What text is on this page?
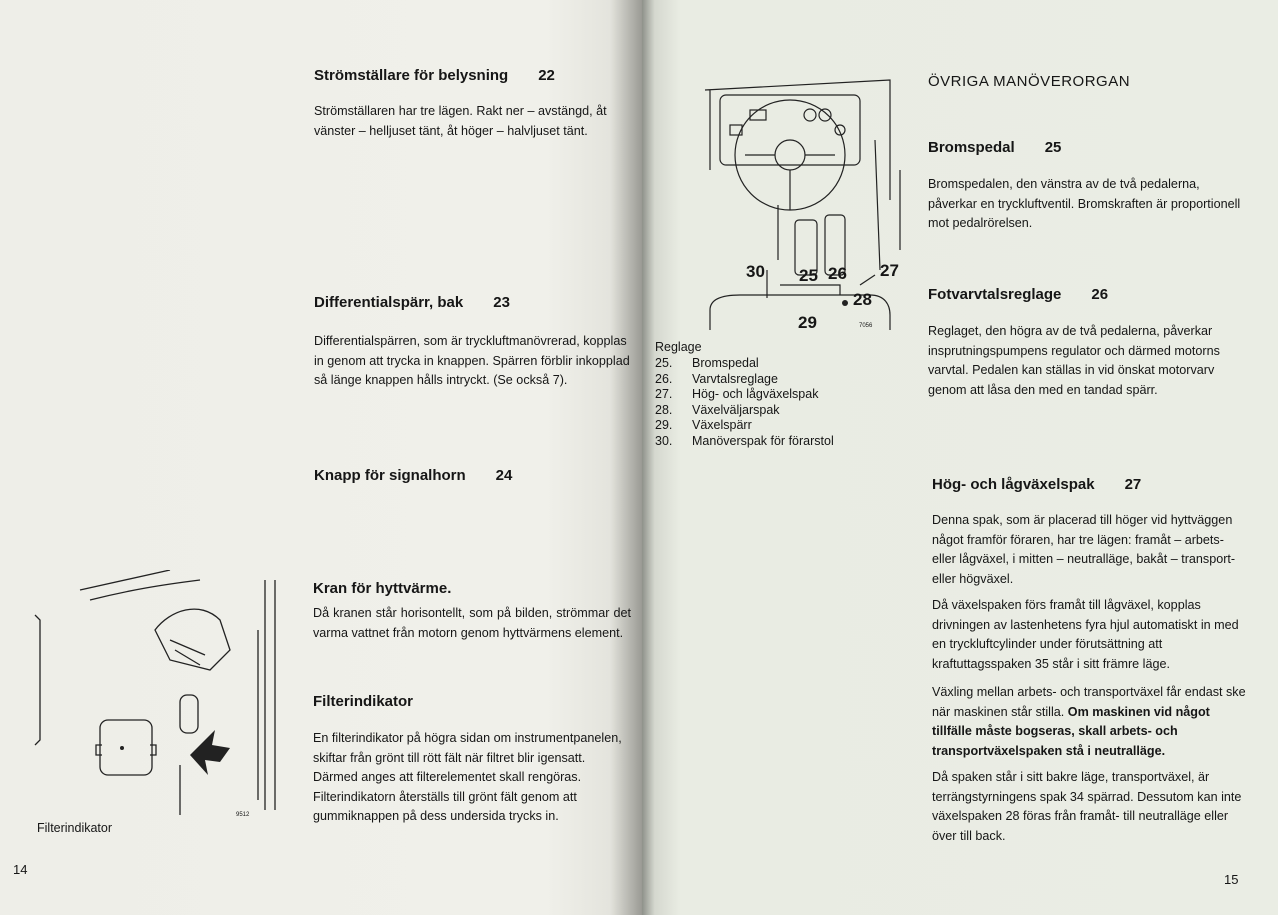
Strömställare för belysning 22

Strömställaren har tre lägen. Rakt ner – avstängd, åt vänster – helljuset tänt, åt höger – halvljuset tänt.

Differentialspärr, bak 23

Differentialspärren, som är tryckluftmanövrerad, kopplas in genom att trycka in knappen. Spärren förblir inkopplad så länge knappen hålls intryckt. (Se också 7).

Knapp för signalhorn 24
Kran för hyttvärme.

Då kranen står horisontellt, som på bilden, strömmar det varma vattnet från motorn genom hyttvärmens element.

Filterindikator

En filterindikator på högra sidan om instrumentpanelen, skiftar från grönt till rött fält när filtret blir igensatt. Därmed anges att filterelementet skall rengöras. Filterindikatorn återställs till grönt fält genom att gummiknappen på dess undersida trycks in.

9512
Filterindikator
14
ÖVRIGA MANÖVERORGAN
30 25 26 27
28
29	7056
Reglage
25.	Bromspedal
26.	Varvtalsreglage
27.	Hög- och lågväxelspak
28.	Växelväljarspak
29.	Växelspärr
30.	Manöverspak för förarstol
Bromspedal 25

Bromspedalen, den vänstra av de två pedalerna, påverkar en tryckluftventil. Bromskraften är proportionell mot pedalrörelsen.

Fotvarvtalsreglage 26

Reglaget, den högra av de två pedalerna, påverkar insprutningspumpens regulator och därmed motorns varvtal. Pedalen kan ställas in vid önskat motorvarv genom att låsa den med en tandad spärr.

Hög- och lågväxelspak 27

Denna spak, som är placerad till höger vid hyttväggen något framför föraren, har tre lägen: framåt – arbets- eller lågväxel, i mitten – neutralläge, bakåt – transport- eller högväxel.

Då växelspaken förs framåt till lågväxel, kopplas drivningen av lastenhetens fyra hjul automatiskt in med en tryckluftcylinder under förutsättning att kraftuttagsspaken 35 står i sitt främre läge.

Växling mellan arbets- och transportväxel får endast ske när maskinen står stilla. Om maskinen vid något tillfälle måste bogseras, skall arbets- och transportväxelspaken stå i neutralläge.

Då spaken står i sitt bakre läge, transportväxel, är terrängstyrningens spak 34 spärrad. Dessutom kan inte växelspaken 28 föras från framåt- till neutralläge eller över till back.

15
